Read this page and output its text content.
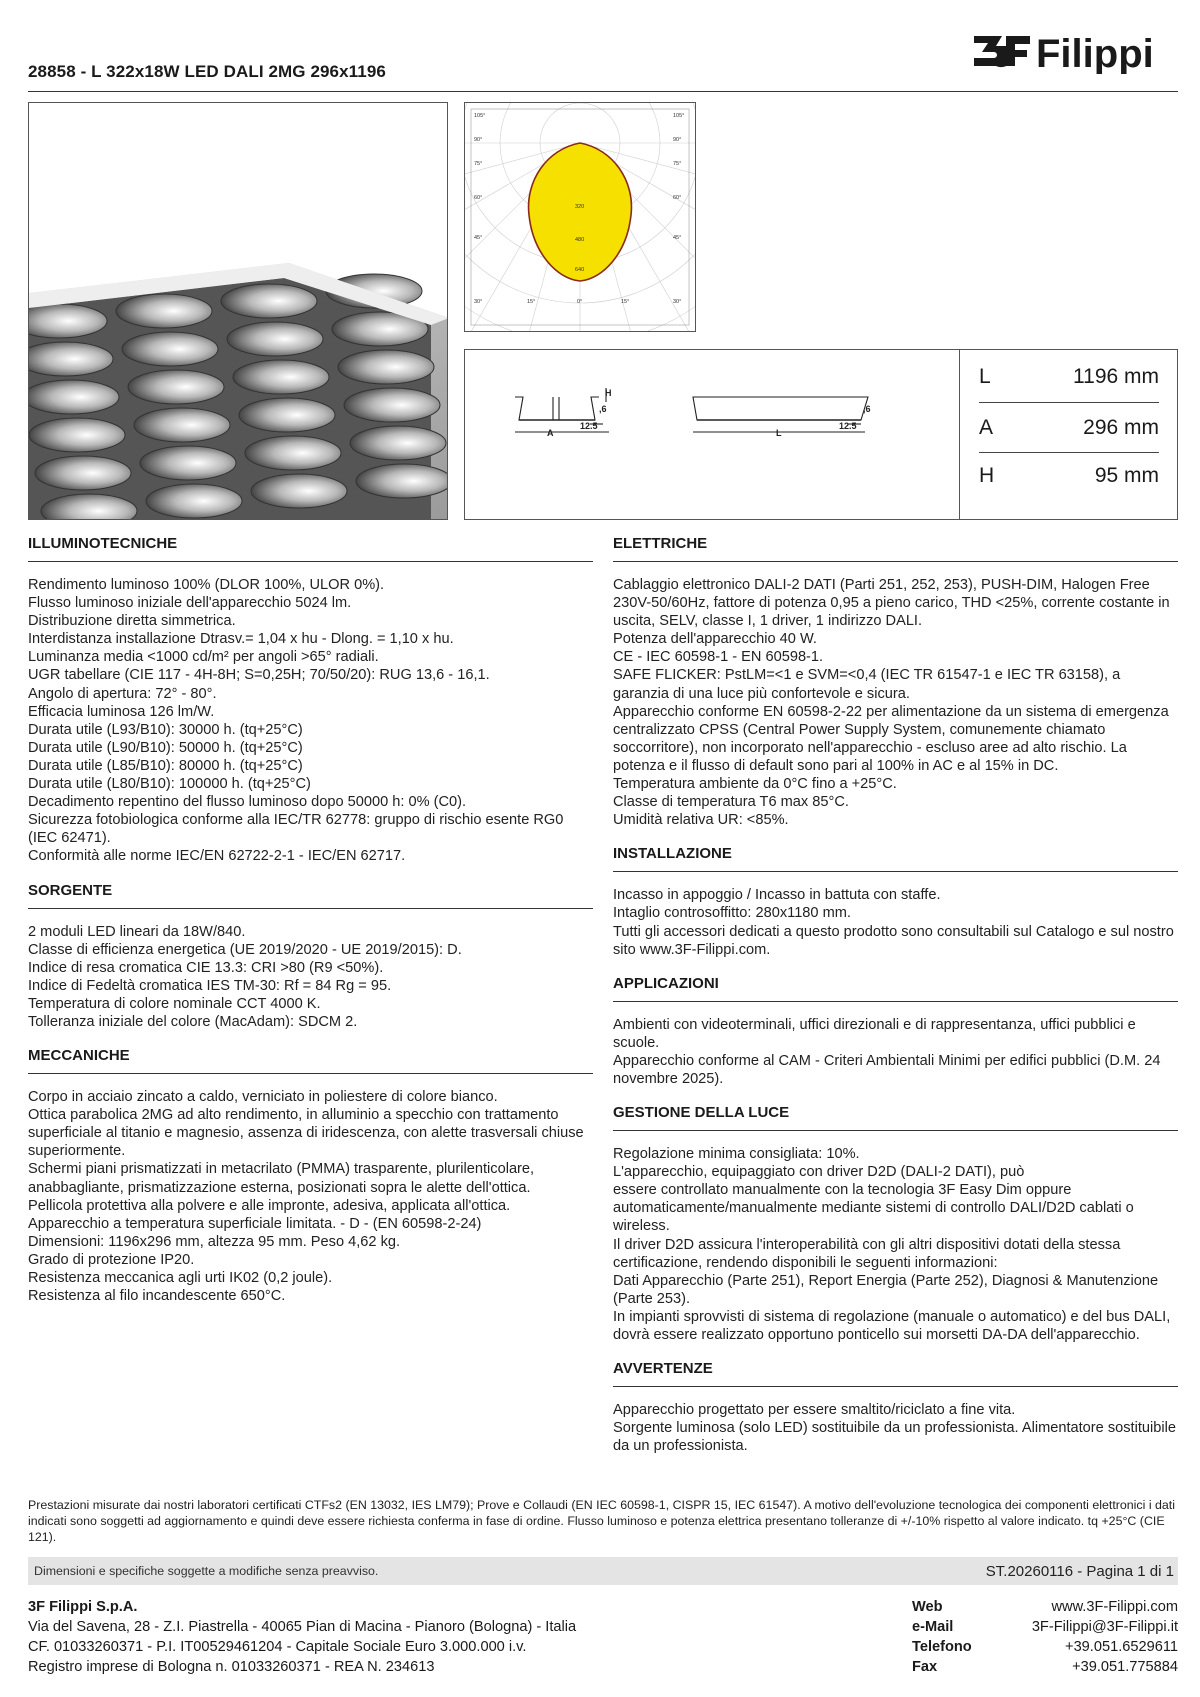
28858 - L 322x18W LED DALI 2MG 296x1196	Filippi
105°
90°
75°
60°
45°
30°
105°
90°
75°
60°
45°
30°
15°	0°	15°
320
480
640
A
H
12.5
,6
L
12.5
,6
L	1196 mm
A	296 mm
H	95 mm
ILLUMINOTECNICHE

Rendimento luminoso 100% (DLOR 100%, ULOR 0%).

Flusso luminoso iniziale dell'apparecchio 5024 lm.

Distribuzione diretta simmetrica.

Interdistanza installazione Dtrasv.= 1,04 x hu - Dlong. = 1,10 x hu.

Luminanza media <1000 cd/m² per angoli >65° radiali.

UGR tabellare (CIE 117 - 4H-8H; S=0,25H; 70/50/20): RUG 13,6 - 16,1.

Angolo di apertura: 72° - 80°.

Efficacia luminosa 126 lm/W.

Durata utile (L93/B10): 30000 h. (tq+25°C)

Durata utile (L90/B10): 50000 h. (tq+25°C)

Durata utile (L85/B10): 80000 h. (tq+25°C)

Durata utile (L80/B10): 100000 h. (tq+25°C)

Decadimento repentino del flusso luminoso dopo 50000 h: 0% (C0).

Sicurezza fotobiologica conforme alla IEC/TR 62778: gruppo di rischio esente RG0 (IEC 62471).

Conformità alle norme IEC/EN 62722-2-1 - IEC/EN 62717.

SORGENTE

2 moduli LED lineari da 18W/840.

Classe di efficienza energetica (UE 2019/2020 - UE 2019/2015): D.

Indice di resa cromatica CIE 13.3: CRI >80 (R9 <50%).

Indice di Fedeltà cromatica IES TM-30: Rf = 84 Rg = 95.

Temperatura di colore nominale CCT 4000 K.

Tolleranza iniziale del colore (MacAdam): SDCM 2.

MECCANICHE

Corpo in acciaio zincato a caldo, verniciato in poliestere di colore bianco.

Ottica parabolica 2MG ad alto rendimento, in alluminio a specchio con trattamento superficiale al titanio e magnesio, assenza di iridescenza, con alette trasversali chiuse superiormente.

Schermi piani prismatizzati in metacrilato (PMMA) trasparente, plurilenticolare, anabbagliante, prismatizzazione esterna, posizionati sopra le alette dell'ottica.

Pellicola protettiva alla polvere e alle impronte, adesiva, applicata all'ottica.

Apparecchio a temperatura superficiale limitata. - D - (EN 60598-2-24)

Dimensioni: 1196x296 mm, altezza 95 mm. Peso 4,62 kg.

Grado di protezione IP20.

Resistenza meccanica agli urti IK02 (0,2 joule).

Resistenza al filo incandescente 650°C.

ELETTRICHE

Cablaggio elettronico DALI-2 DATI (Parti 251, 252, 253), PUSH-DIM, Halogen Free 230V-50/60Hz, fattore di potenza 0,95 a pieno carico, THD <25%, corrente costante in uscita, SELV, classe I, 1 driver, 1 indirizzo DALI.

Potenza dell'apparecchio 40 W.

CE - IEC 60598-1 - EN 60598-1.

SAFE FLICKER: PstLM=<1 e SVM=<0,4 (IEC TR 61547-1 e IEC TR 63158), a garanzia di una luce più confortevole e sicura.

Apparecchio conforme EN 60598-2-22 per alimentazione da un sistema di emergenza centralizzato CPSS (Central Power Supply System, comunemente chiamato soccorritore), non incorporato nell'apparecchio - escluso aree ad alto rischio. La potenza e il flusso di default sono pari al 100% in AC e al 15% in DC.

Temperatura ambiente da 0°C fino a +25°C.

Classe di temperatura T6 max 85°C.

Umidità relativa UR: <85%.

INSTALLAZIONE

Incasso in appoggio / Incasso in battuta con staffe.

Intaglio controsoffitto: 280x1180 mm.

Tutti gli accessori dedicati a questo prodotto sono consultabili sul Catalogo e sul nostro sito www.3F-Filippi.com.

APPLICAZIONI

Ambienti con videoterminali, uffici direzionali e di rappresentanza, uffici pubblici e scuole.

Apparecchio conforme al CAM - Criteri Ambientali Minimi per edifici pubblici (D.M. 24 novembre 2025).

GESTIONE DELLA LUCE

Regolazione minima consigliata: 10%.

L'apparecchio, equipaggiato con driver D2D (DALI-2 DATI), può

essere controllato manualmente con la tecnologia 3F Easy Dim oppure automaticamente/manualmente mediante sistemi di controllo DALI/D2D cablati o wireless.

Il driver D2D assicura l'interoperabilità con gli altri dispositivi dotati della stessa certificazione, rendendo disponibili le seguenti informazioni:

Dati Apparecchio (Parte 251), Report Energia (Parte 252), Diagnosi & Manutenzione (Parte 253).

In impianti sprovvisti di sistema di regolazione (manuale o automatico) e del bus DALI, dovrà essere realizzato opportuno ponticello sui morsetti DA-DA dell'apparecchio.

AVVERTENZE

Apparecchio progettato per essere smaltito/riciclato a fine vita.

Sorgente luminosa (solo LED) sostituibile da un professionista. Alimentatore sostituibile da un professionista.

Prestazioni misurate dai nostri laboratori certificati CTFs2 (EN 13032, IES LM79); Prove e Collaudi (EN IEC 60598-1, CISPR 15, IEC 61547). A motivo dell'evoluzione tecnologica dei componenti elettronici i dati indicati sono soggetti ad aggiornamento e quindi deve essere richiesta conferma in fase di ordine. Flusso luminoso e potenza elettrica presentano tolleranze di +/-10% rispetto al valore indicato. tq +25°C (CIE 121).
Dimensioni e specifiche soggette a modifiche senza preavviso.	ST.20260116 - Pagina 1 di 1
3F Filippi S.p.A.
Via del Savena, 28 - Z.I. Piastrella - 40065 Pian di Macina - Pianoro (Bologna) - Italia
CF. 01033260371 - P.I. IT00529461204 - Capitale Sociale Euro 3.000.000 i.v.
Registro imprese di Bologna n. 01033260371 - REA N. 234613
Web	www.3F-Filippi.com
e-Mail	3F-Filippi@3F-Filippi.it
Telefono	+39.051.6529611
Fax	+39.051.775884
